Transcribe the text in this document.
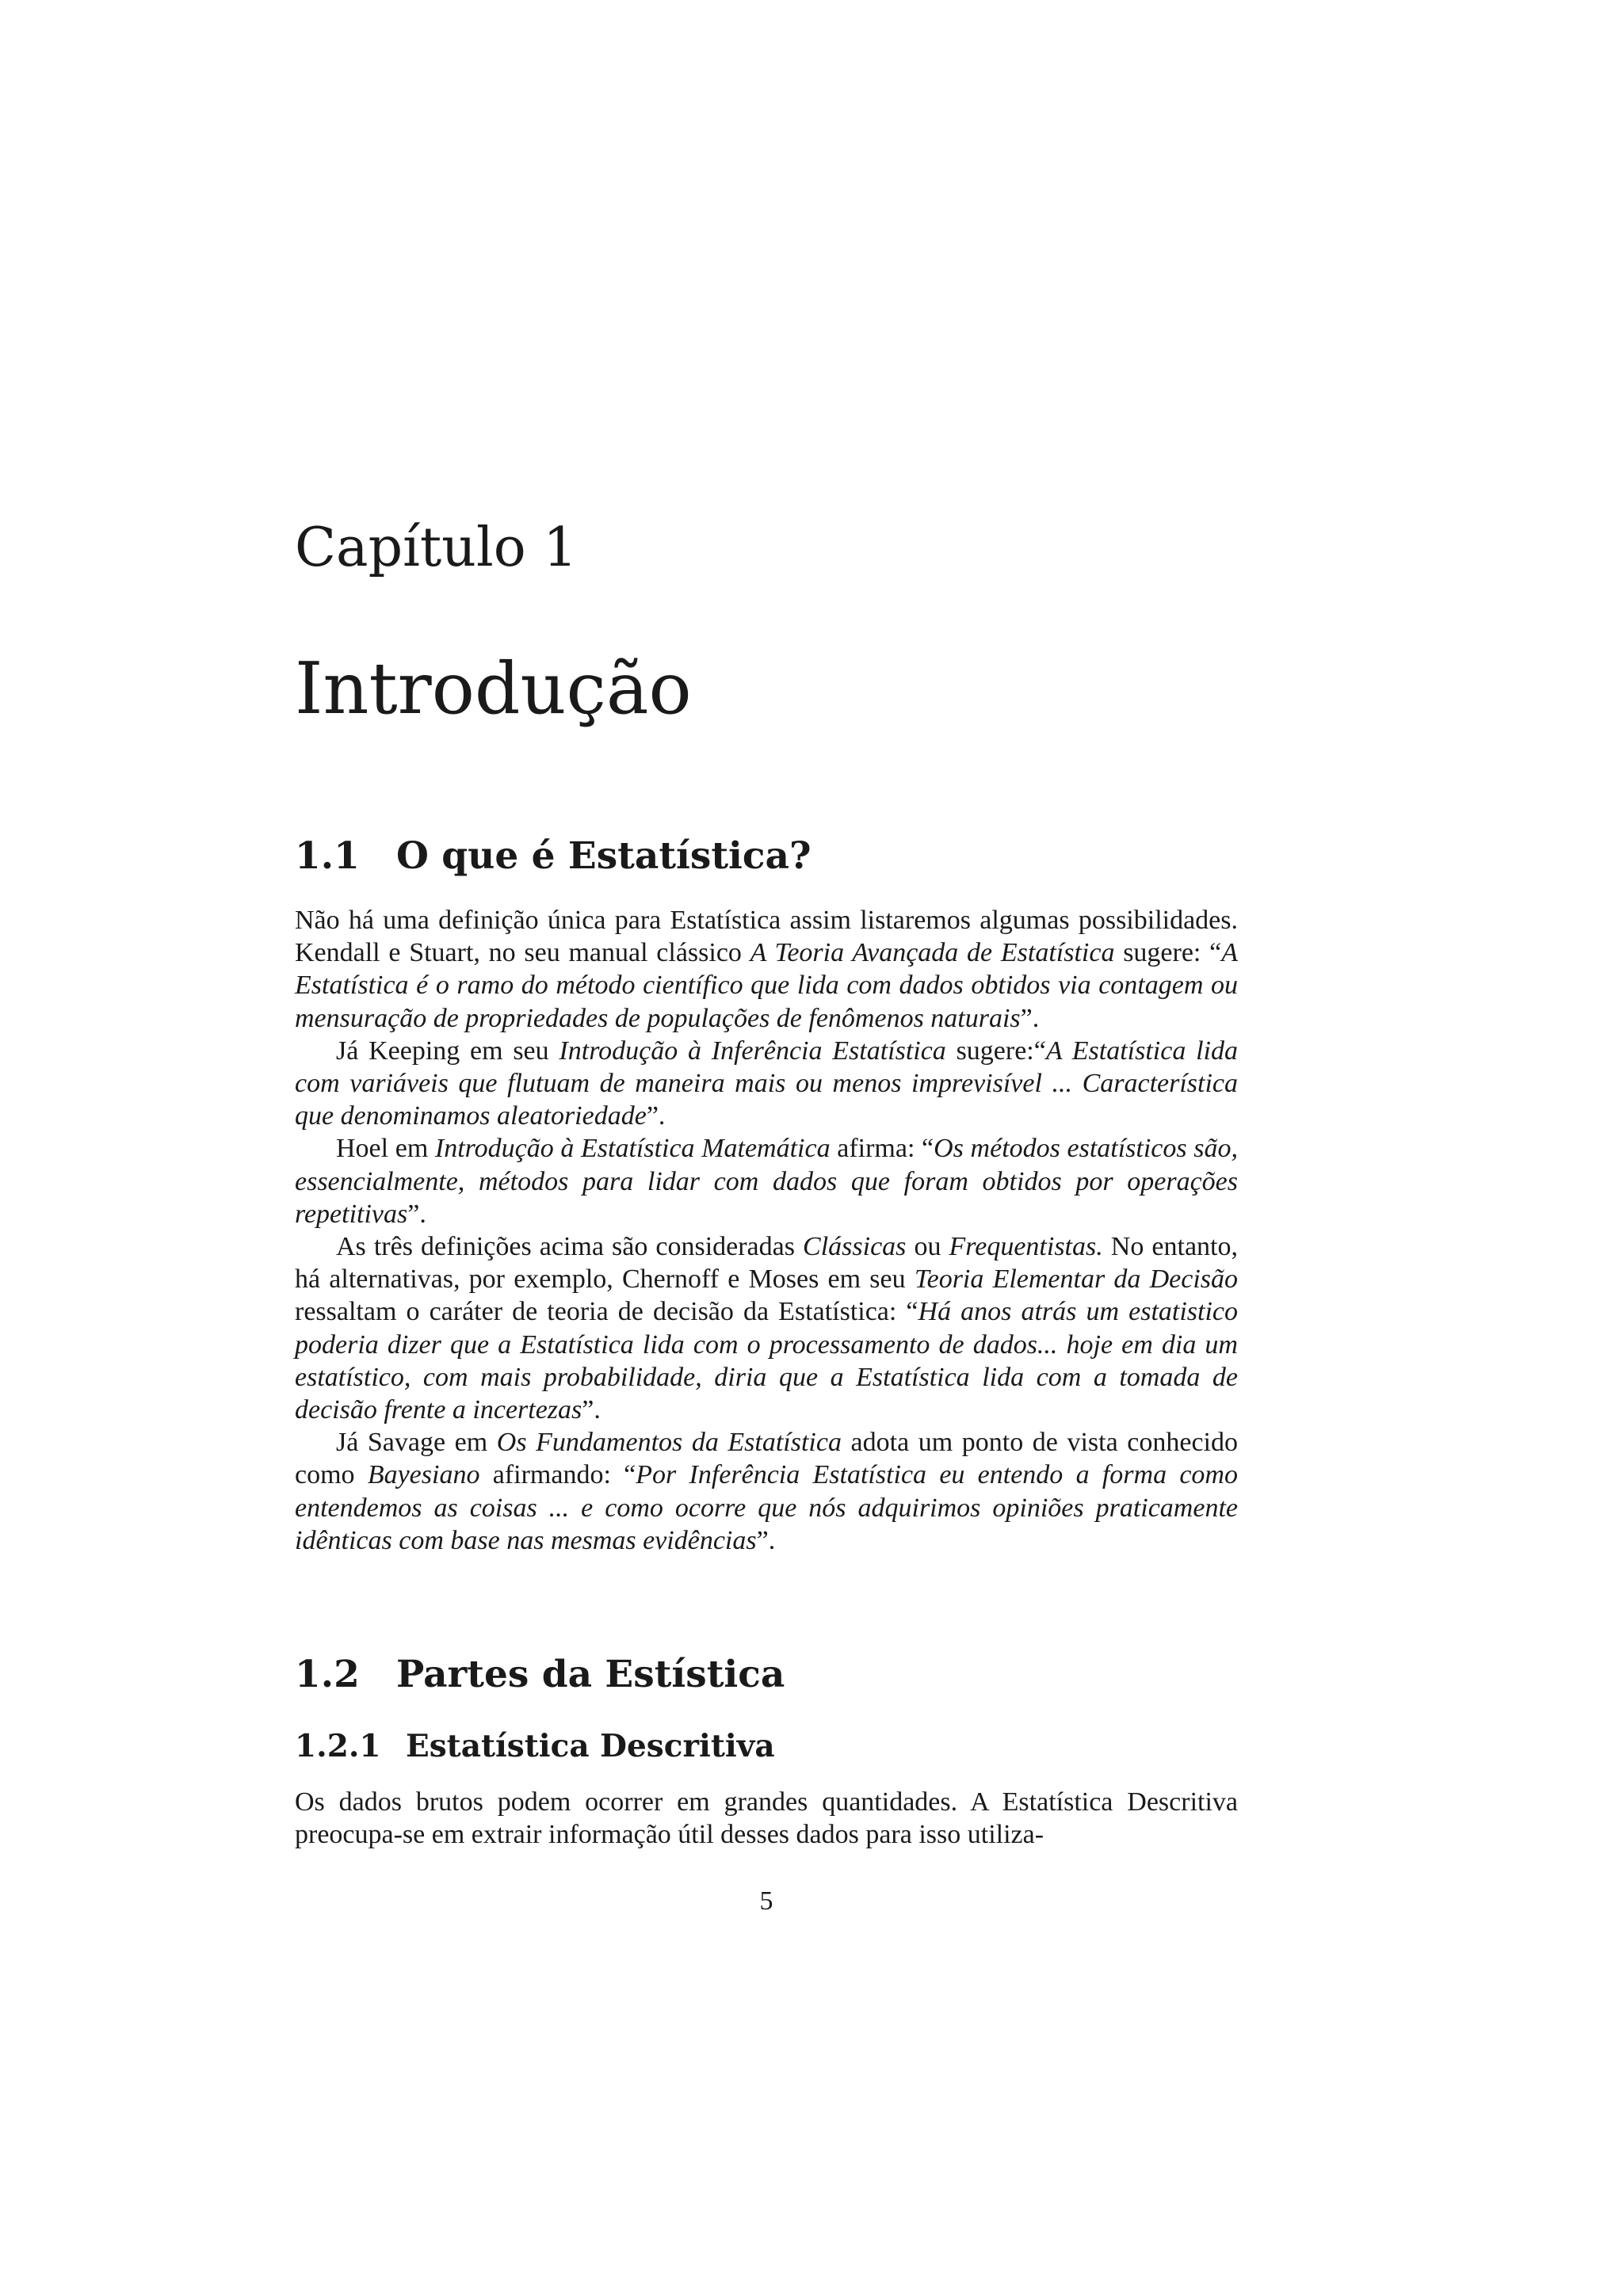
Capítulo 1
Introdução
1.1 O que é Estatística?

Não há uma definição única para Estatística assim listaremos algumas possibilidades. Kendall e Stuart, no seu manual clássico A Teoria Avançada de Estatística sugere: “A Estatística é o ramo do método científico que lida com dados obtidos via contagem ou mensuração de propriedades de populações de fenômenos naturais”.

Já Keeping em seu Introdução à Inferência Estatística sugere:“A Estatística lida com variáveis que flutuam de maneira mais ou menos imprevisível ... Característica que denominamos aleatoriedade”.

Hoel em Introdução à Estatística Matemática afirma: “Os métodos estatísticos são, essencialmente, métodos para lidar com dados que foram obtidos por operações repetitivas”.

As três definições acima são consideradas Clássicas ou Frequentistas. No entanto, há alternativas, por exemplo, Chernoff e Moses em seu Teoria Elementar da Decisão ressaltam o caráter de teoria de decisão da Estatística: “Há anos atrás um estatistico poderia dizer que a Estatística lida com o processamento de dados... hoje em dia um estatístico, com mais probabilidade, diria que a Estatística lida com a tomada de decisão frente a incertezas”.

Já Savage em Os Fundamentos da Estatística adota um ponto de vista conhecido como Bayesiano afirmando: “Por Inferência Estatística eu entendo a forma como entendemos as coisas ... e como ocorre que nós adquirimos opiniões praticamente idênticas com base nas mesmas evidências”.

1.2 Partes da Estística
1.2.1 Estatística Descritiva

Os dados brutos podem ocorrer em grandes quantidades. A Estatística Descritiva preocupa-se em extrair informação útil desses dados para isso utiliza-

5
